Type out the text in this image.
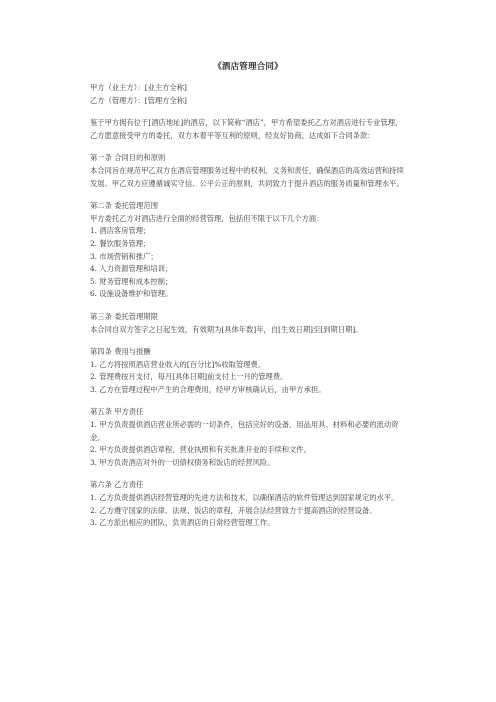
《酒店管理合同》

甲方（业主方）：[业主方全称]

乙方（管理方）：[管理方全称]

鉴于甲方拥有位于[酒店地址]的酒店，以下简称“酒店”，甲方希望委托乙方对酒店进行专业管理，乙方愿意接受甲方的委托，双方本着平等互利的原则，经友好协商，达成如下合同条款：

第一条 合同目的和原则

本合同旨在规范甲乙双方在酒店管理服务过程中的权利、义务和责任，确保酒店的高效运营和持续发展。甲乙双方应遵循诚实守信、公平公正的原则，共同致力于提升酒店的服务质量和管理水平。

第二条 委托管理范围

甲方委托乙方对酒店进行全面的经营管理，包括但不限于以下几个方面：

1. 酒店客房管理；
2. 餐饮服务管理；
3. 市场营销和推广；
4. 人力资源管理和培训；
5. 财务管理和成本控制；
6. 设施设备维护和管理。

第三条 委托管理期限

本合同自双方签字之日起生效，有效期为[具体年数]年，自[生效日期]至[到期日期]。

第四条 费用与报酬

1. 乙方将按照酒店营业收入的[百分比]%收取管理费。
2. 管理费按月支付，每月[具体日期]前支付上一月的管理费。
3. 乙方在管理过程中产生的合理费用，经甲方审核确认后，由甲方承担。

第五条 甲方责任

1. 甲方负责提供酒店营业所必需的一切条件，包括完好的设备、用品用具、材料和必要的流动资金。
2. 甲方负责提供酒店章程、营业执照和有关批准开业的手续和文件。
3. 甲方负责酒店对外的一切债权债务和饭店的经营风险。

第六条 乙方责任

1. 乙方负责提供酒店经营管理的先进方法和技术，以确保酒店的软件管理达到国家规定的水平。
2. 乙方遵守国家的法律、法规、饭店的章程，开展合法经营致力于提高酒店的经营设备。
3. 乙方派出相应的团队，负责酒店的日常经营管理工作。
